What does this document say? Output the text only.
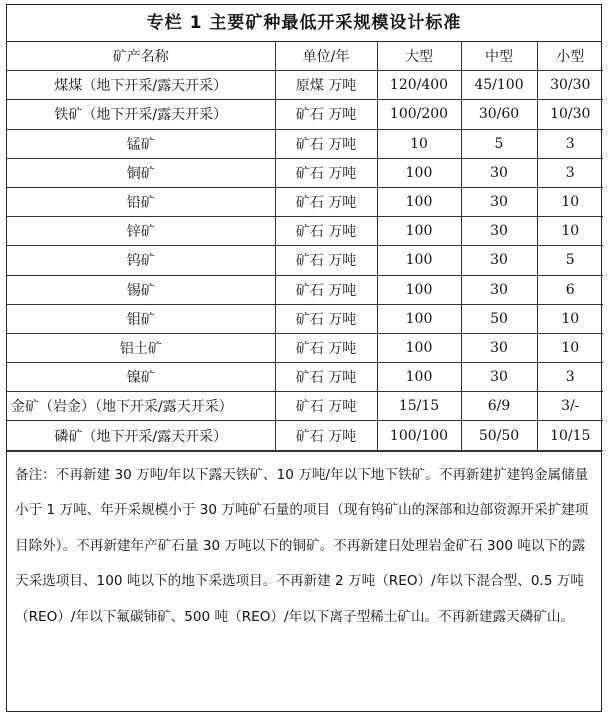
专栏 1 主要矿种最低开采规模设计标准
矿产名称	单位/年	大型	中型	小型
煤煤（地下开采/露天开采）	原煤 万吨	120/400	45/100	30/30
铁矿（地下开采/露天开采）	矿石 万吨	100/200	30/60	10/30
锰矿	矿石 万吨	10	5	3
铜矿	矿石 万吨	100	30	3
铅矿	矿石 万吨	100	30	10
锌矿	矿石 万吨	100	30	10
钨矿	矿石 万吨	100	30	5
锡矿	矿石 万吨	100	30	6
钼矿	矿石 万吨	100	50	10
铝土矿	矿石 万吨	100	30	10
镍矿	矿石 万吨	100	30	3
金矿（岩金）（地下开采/露天开采）	矿石 万吨	15/15	6/9	3/-
磷矿（地下开采/露天开采）	矿石 万吨	100/100	50/50	10/15
备注：不再新建 30 万吨/年以下露天铁矿、10 万吨/年以下地下铁矿。不再新建扩建钨金属储量小于 1 万吨、年开采规模小于 30 万吨矿石量的项目（现有钨矿山的深部和边部资源开采扩建项目除外）。不再新建年产矿石量 30 万吨以下的铜矿。不再新建日处理岩金矿石 300 吨以下的露天采选项目、100 吨以下的地下采选项目。不再新建 2 万吨（REO）/年以下混合型、0.5 万吨（REO）/年以下氟碳铈矿、500 吨（REO）/年以下离子型稀土矿山。不再新建露天磷矿山。
